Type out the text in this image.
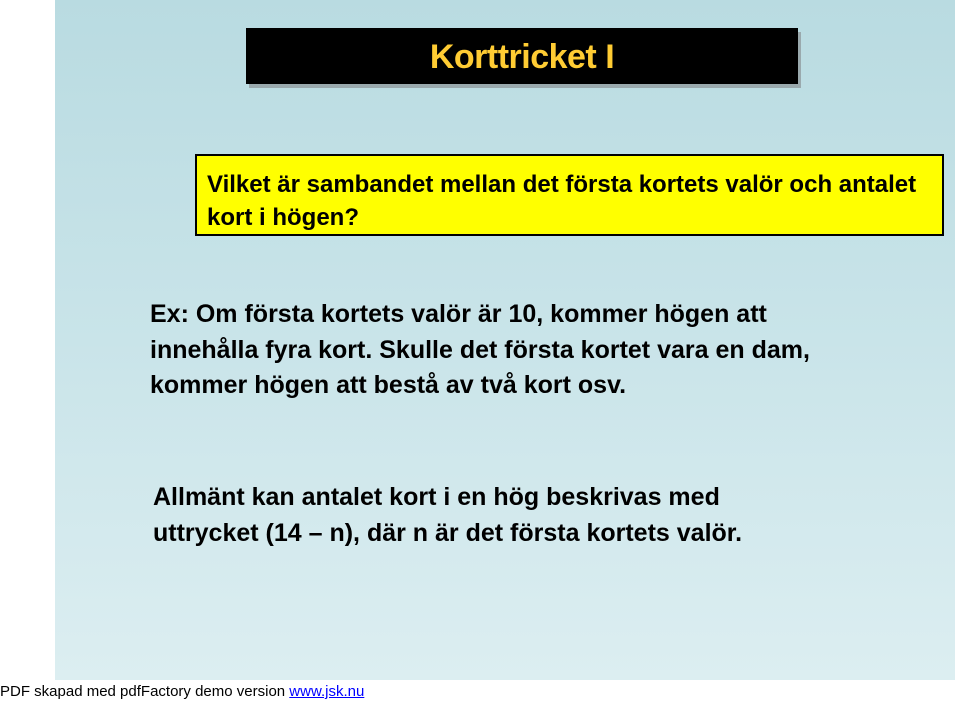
Korttricket I
Vilket är sambandet mellan det första kortets valör och antalet kort i högen?
Ex: Om första kortets valör är 10, kommer högen att innehålla fyra kort. Skulle det första kortet vara en dam, kommer högen att bestå av två kort osv.
Allmänt kan antalet kort i en hög beskrivas med uttrycket (14 – n), där n är det första kortets valör.
PDF skapad med pdfFactory demo version www.jsk.nu
